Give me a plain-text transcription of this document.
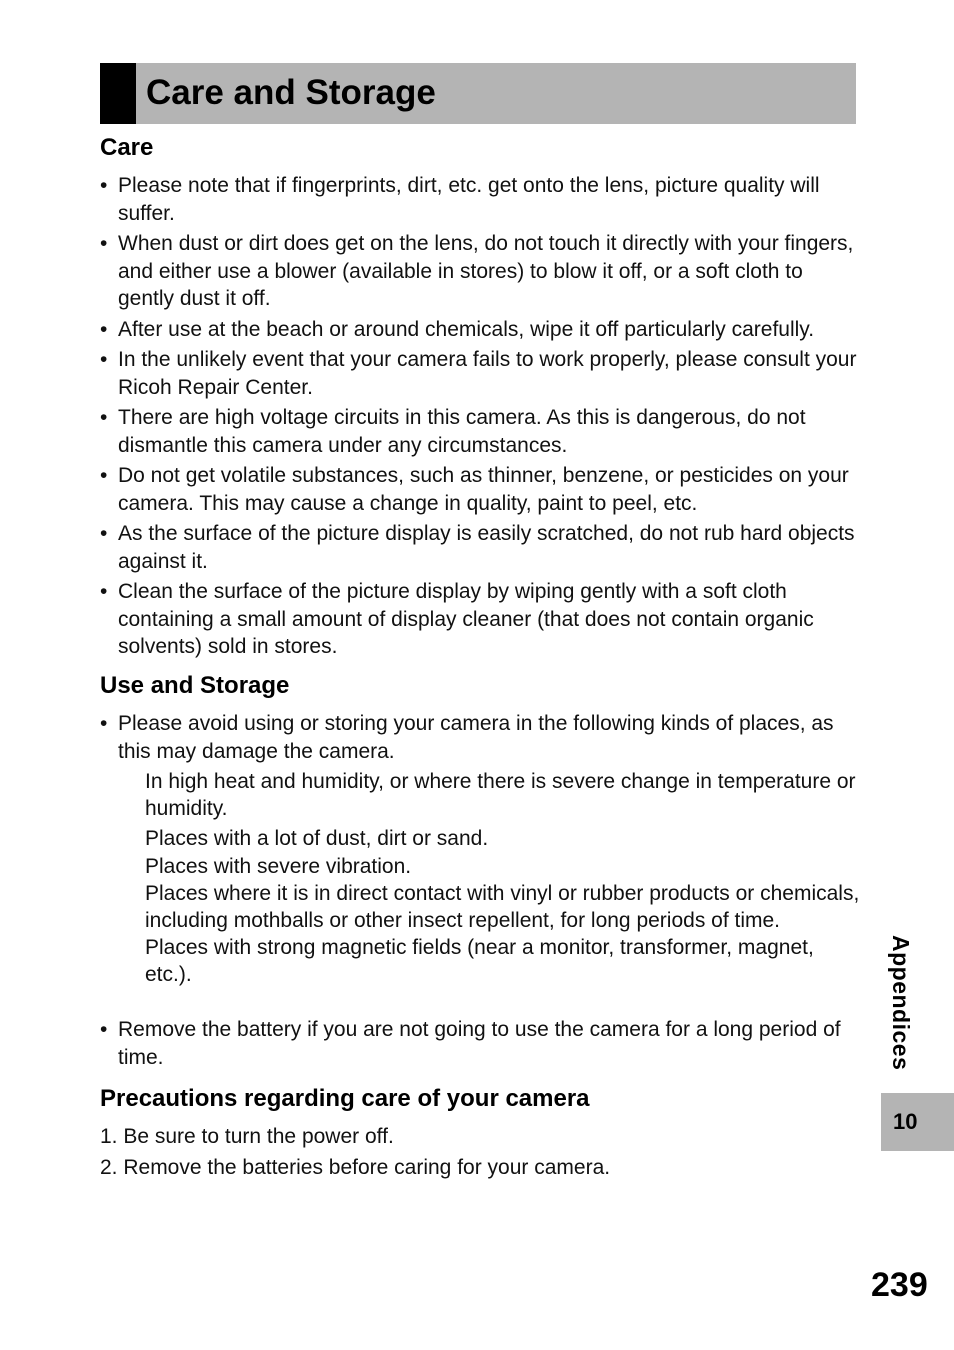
Care and Storage
Care
• Please note that if fingerprints, dirt, etc. get onto the lens, picture quality will suffer.
• When dust or dirt does get on the lens, do not touch it directly with your fingers, and either use a blower (available in stores) to blow it off, or a soft cloth to gently dust it off.
• After use at the beach or around chemicals, wipe it off particularly carefully.
• In the unlikely event that your camera fails to work properly, please consult your Ricoh Repair Center.
• There are high voltage circuits in this camera. As this is dangerous, do not dismantle this camera under any circumstances.
• Do not get volatile substances, such as thinner, benzene, or pesticides on your camera. This may cause a change in quality, paint to peel, etc.
• As the surface of the picture display is easily scratched, do not rub hard objects against it.
• Clean the surface of the picture display by wiping gently with a soft cloth containing a small amount of display cleaner (that does not contain organic solvents) sold in stores.
Use and Storage
• Please avoid using or storing your camera in the following kinds of places, as this may damage the camera.
In high heat and humidity, or where there is severe change in temperature or humidity.
Places with a lot of dust, dirt or sand.
Places with severe vibration.
Places where it is in direct contact with vinyl or rubber products or chemicals, including mothballs or other insect repellent, for long periods of time.
Places with strong magnetic fields (near a monitor, transformer, magnet, etc.).
• Remove the battery if you are not going to use the camera for a long period of time.
Precautions regarding care of your camera
1. Be sure to turn the power off.
2. Remove the batteries before caring for your camera.
Appendices
10
239
